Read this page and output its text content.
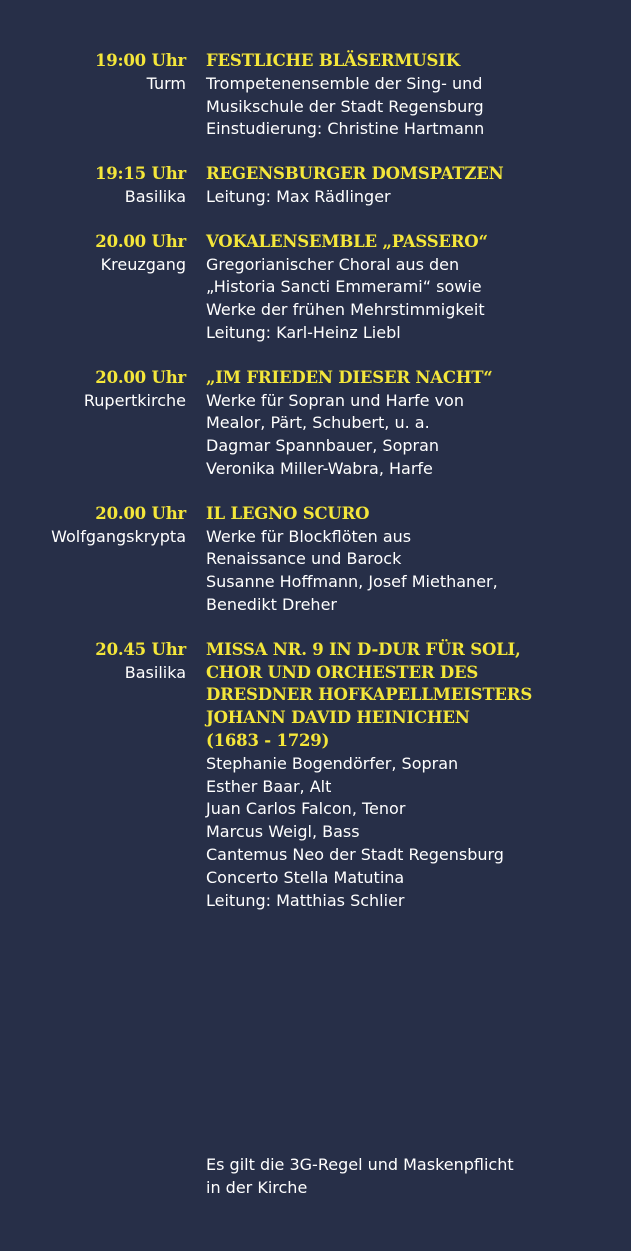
19:00 Uhr
Turm
FESTLICHE BLÄSERMUSIK
Trompetenensemble der Sing- und
Musikschule der Stadt Regensburg
Einstudierung: Christine Hartmann
19:15 Uhr
Basilika
REGENSBURGER DOMSPATZEN
Leitung: Max Rädlinger
20.00 Uhr
Kreuzgang
VOKALENSEMBLE „PASSERO“
Gregorianischer Choral aus den
„Historia Sancti Emmerami“ sowie
Werke der frühen Mehrstimmigkeit
Leitung: Karl-Heinz Liebl
20.00 Uhr
Rupertkirche
„IM FRIEDEN DIESER NACHT“
Werke für Sopran und Harfe von
Mealor, Pärt, Schubert, u. a.
Dagmar Spannbauer, Sopran
Veronika Miller-Wabra, Harfe
20.00 Uhr
Wolfgangskrypta
IL LEGNO SCURO
Werke für Blockflöten aus
Renaissance und Barock
Susanne Hoffmann, Josef Miethaner,
Benedikt Dreher
20.45 Uhr
Basilika
MISSA NR. 9 IN D-DUR FÜR SOLI,
CHOR UND ORCHESTER DES
DRESDNER HOFKAPELLMEISTERS
JOHANN DAVID HEINICHEN
(1683 - 1729)
Stephanie Bogendörfer, Sopran
Esther Baar, Alt
Juan Carlos Falcon, Tenor
Marcus Weigl, Bass
Cantemus Neo der Stadt Regensburg
Concerto Stella Matutina
Leitung: Matthias Schlier
Es gilt die 3G-Regel und Maskenpflicht
in der Kirche
